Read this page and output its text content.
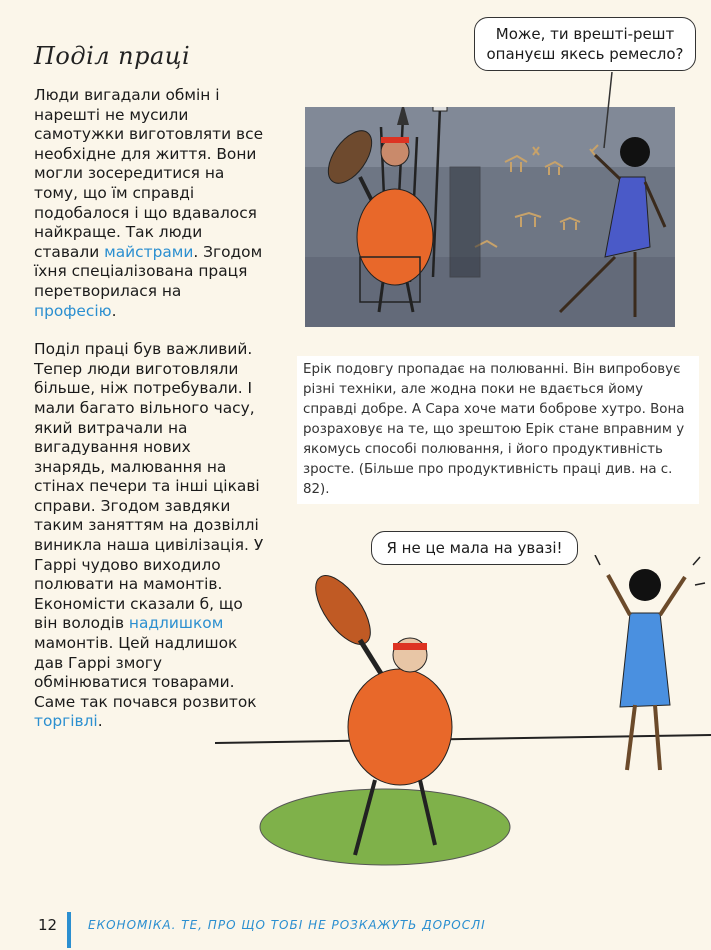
Поділ праці

Люди вигадали обмін і нарешті не мусили самотужки виготовляти все необхідне для життя. Вони могли зосередитися на тому, що їм справді подобалося і що вдавалося найкраще. Так люди ставали майстрами. Згодом їхня спеціалізована праця перетворилася на професію.

Поділ праці був важливий. Тепер люди виготовляли більше, ніж потребували. І мали багато вільного часу, який витрачали на вигадування нових знарядь, малювання на стінах печери та інші цікаві справи. Згодом завдяки таким заняттям на дозвіллі виникла наша цивілізація. У Гаррі чудово виходило полювати на мамонтів. Економісти сказали б, що він володів надлишком мамонтів. Цей надлишок дав Гаррі змогу обмінюватися товарами. Саме так почався розвиток торгівлі.

Може, ти врешті-решт опануєш якесь ремесло?
Ерік подовгу пропадає на полюванні. Він випробовує різні техніки, але жодна поки не вдається йому справді добре. А Сара хоче мати боброве хутро. Вона розраховує на те, що зрештою Ерік стане вправним у якомусь способі полювання, і його продуктивність зросте. (Більше про продуктивність праці див. на с. 82).
Я не це мала на увазі!
12	ЕКОНОМІКА. ТЕ, ПРО ЩО ТОБІ НЕ РОЗКАЖУТЬ ДОРОСЛІ
